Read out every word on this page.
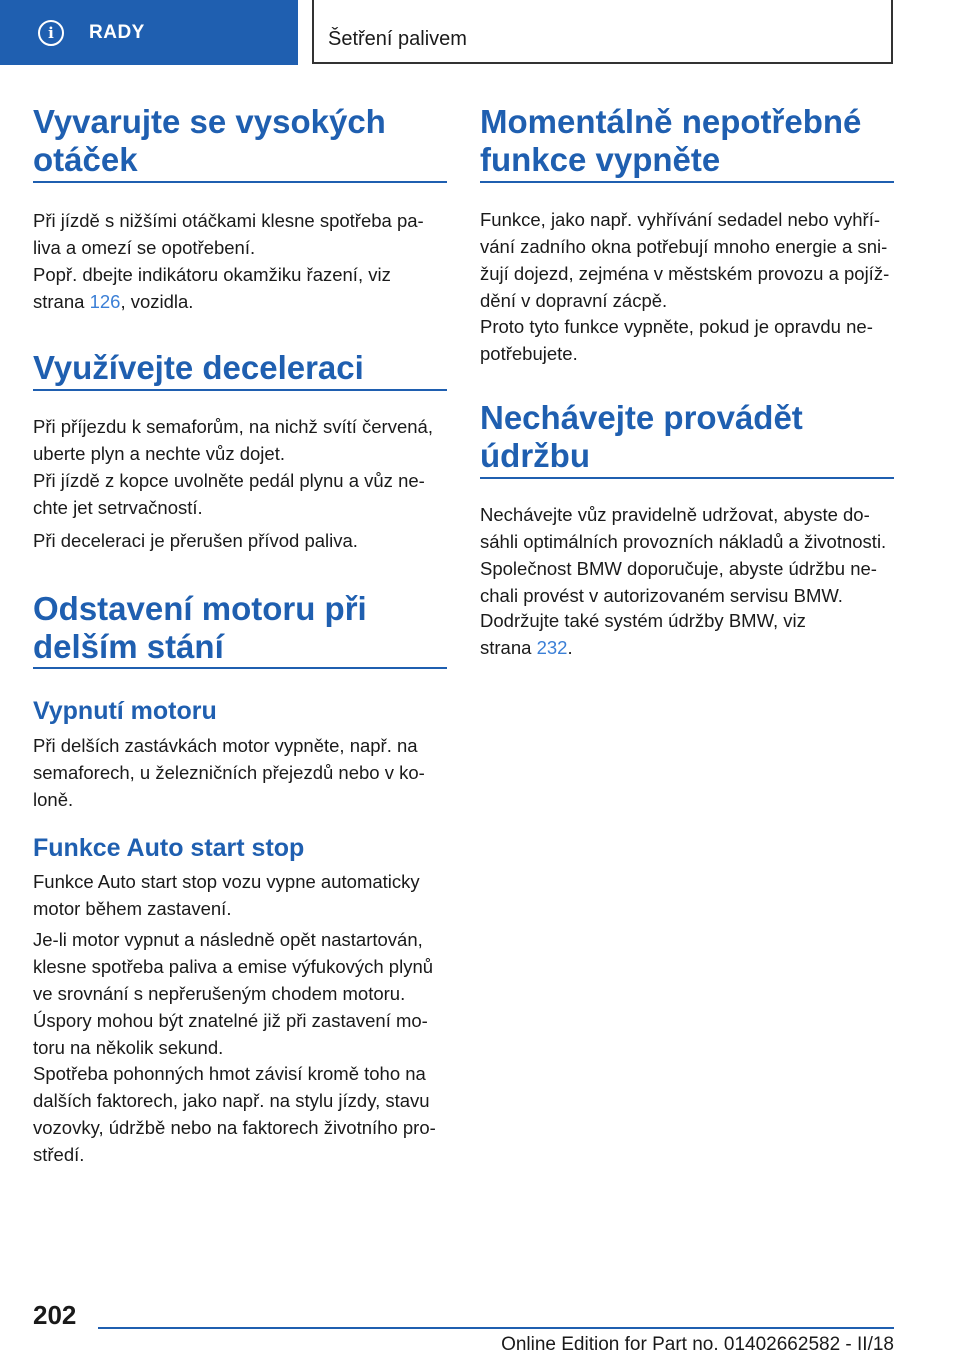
i	RADY	Šetření palivem
Vyvarujte se vysokých
otáček

Při jízdě s nižšími otáčkami klesne spotřeba pa‐
liva a omezí se opotřebení.

Popř. dbejte indikátoru okamžiku řazení, viz
strana 126, vozidla.

Využívejte deceleraci

Při příjezdu k semaforům, na nichž svítí červená,
uberte plyn a nechte vůz dojet.

Při jízdě z kopce uvolněte pedál plynu a vůz ne‐
chte jet setrvačností.

Při deceleraci je přerušen přívod paliva.

Odstavení motoru při
delším stání
Vypnutí motoru

Při delších zastávkách motor vypněte, např. na
semaforech, u železničních přejezdů nebo v ko‐
loně.

Funkce Auto start stop

Funkce Auto start stop vozu vypne automaticky
motor během zastavení.

Je-li motor vypnut a následně opět nastartován,
klesne spotřeba paliva a emise výfukových plynů
ve srovnání s nepřerušeným chodem motoru.
Úspory mohou být znatelné již při zastavení mo‐
toru na několik sekund.

Spotřeba pohonných hmot závisí kromě toho na
dalších faktorech, jako např. na stylu jízdy, stavu
vozovky, údržbě nebo na faktorech životního pro‐
středí.

Momentálně nepotřebné
funkce vypněte

Funkce, jako např. vyhřívání sedadel nebo vyhří‐
vání zadního okna potřebují mnoho energie a sni‐
žují dojezd, zejména v městském provozu a pojíž‐
dění v dopravní zácpě.

Proto tyto funkce vypněte, pokud je opravdu ne‐
potřebujete.

Nechávejte provádět
údržbu

Nechávejte vůz pravidelně udržovat, abyste do‐
sáhli optimálních provozních nákladů a životnosti.
Společnost BMW doporučuje, abyste údržbu ne‐
chali provést v autorizovaném servisu BMW.

Dodržujte také systém údržby BMW, viz
strana 232.

202
Online Edition for Part no. 01402662582 - II/18
